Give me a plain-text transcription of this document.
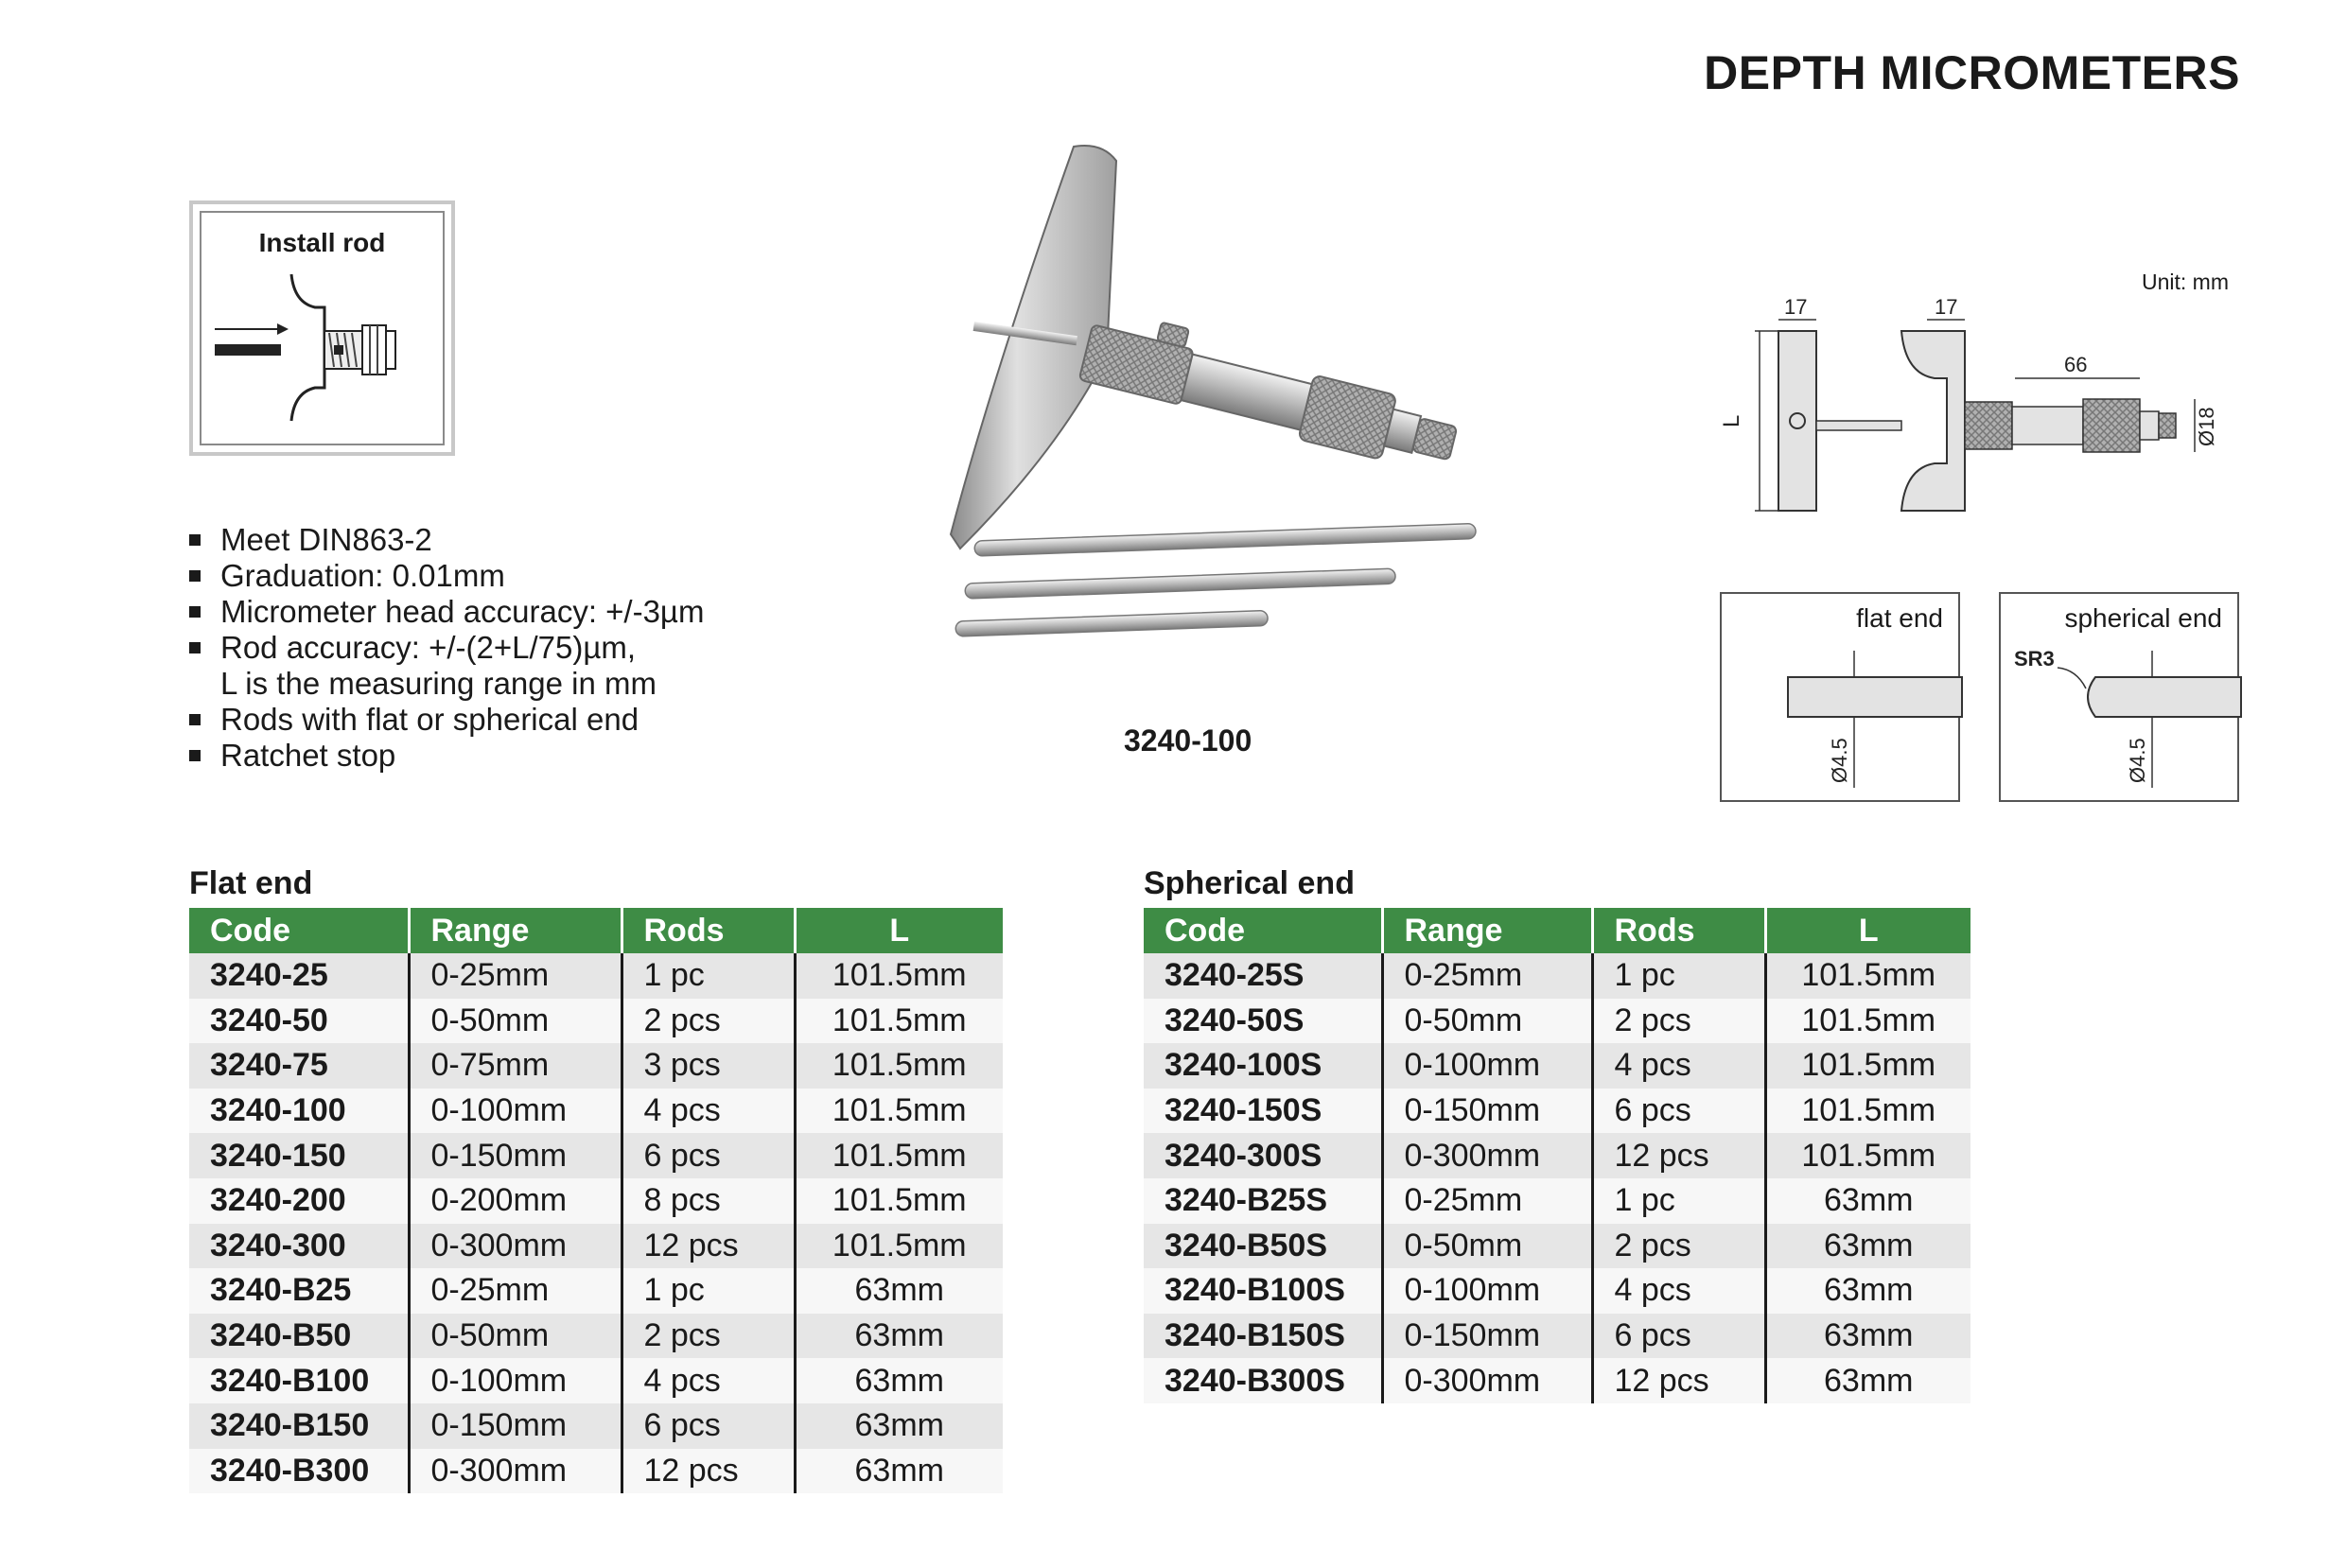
DEPTH MICROMETERS
Install rod
Meet DIN863-2
Graduation: 0.01mm
Micrometer head accuracy: +/-3µm
Rod accuracy: +/-(2+L/75)µm,
L is the measuring range in mm
Rods with flat or spherical end
Ratchet stop	3240-100
Unit: mm
L
17	17
66
Ø18
flat end
Ø4.5
spherical end
SR3
Ø4.5
Flat end
Code	Range	Rods	L
3240-25	0-25mm	1 pc	101.5mm
3240-50	0-50mm	2 pcs	101.5mm
3240-75	0-75mm	3 pcs	101.5mm
3240-100	0-100mm	4 pcs	101.5mm
3240-150	0-150mm	6 pcs	101.5mm
3240-200	0-200mm	8 pcs	101.5mm
3240-300	0-300mm	12 pcs	101.5mm
3240-B25	0-25mm	1 pc	63mm
3240-B50	0-50mm	2 pcs	63mm
3240-B100	0-100mm	4 pcs	63mm
3240-B150	0-150mm	6 pcs	63mm
3240-B300	0-300mm	12 pcs	63mm
Spherical end
Code	Range	Rods	L
3240-25S	0-25mm	1 pc	101.5mm
3240-50S	0-50mm	2 pcs	101.5mm
3240-100S	0-100mm	4 pcs	101.5mm
3240-150S	0-150mm	6 pcs	101.5mm
3240-300S	0-300mm	12 pcs	101.5mm
3240-B25S	0-25mm	1 pc	63mm
3240-B50S	0-50mm	2 pcs	63mm
3240-B100S	0-100mm	4 pcs	63mm
3240-B150S	0-150mm	6 pcs	63mm
3240-B300S	0-300mm	12 pcs	63mm
